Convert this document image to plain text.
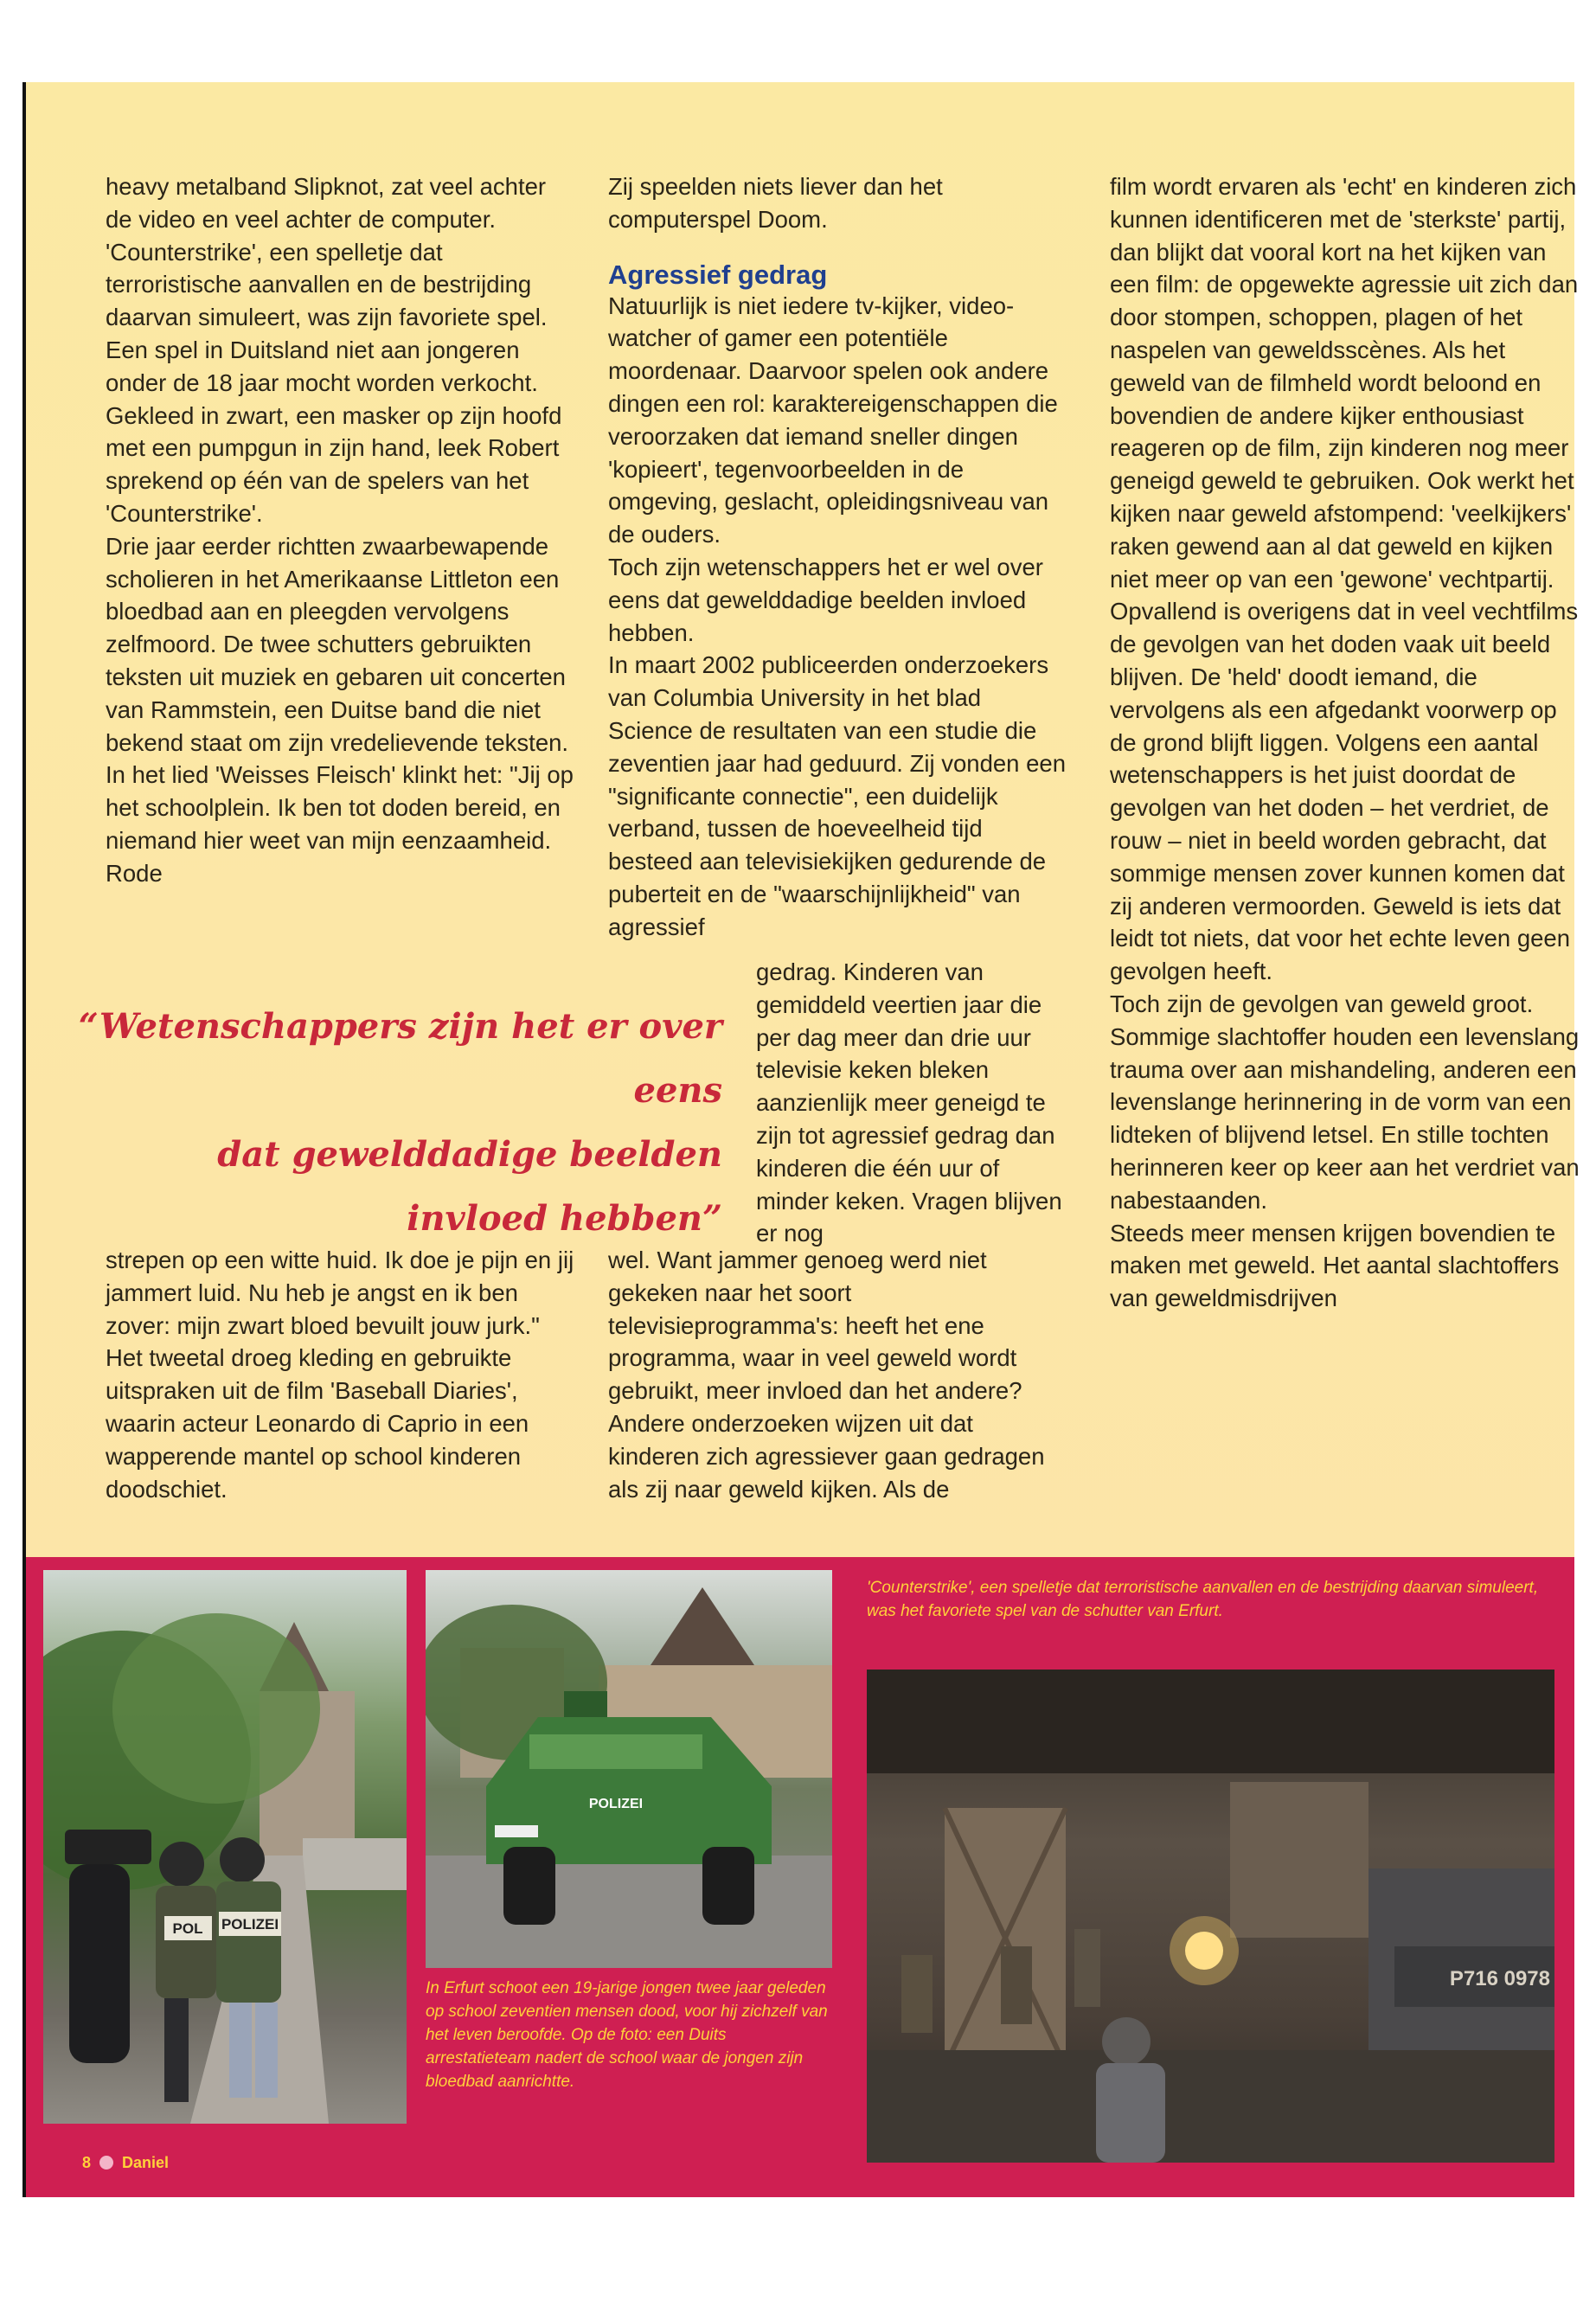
heavy metalband Slipknot, zat veel achter de video en veel achter de computer. 'Counterstrike', een spelletje dat terroristische aanvallen en de bestrijding daarvan simuleert, was zijn favoriete spel. Een spel in Duitsland niet aan jongeren onder de 18 jaar mocht worden verkocht. Gekleed in zwart, een masker op zijn hoofd met een pumpgun in zijn hand, leek Robert sprekend op één van de spelers van het 'Counterstrike'.

Drie jaar eerder richtten zwaarbewapende scholieren in het Amerikaanse Littleton een bloedbad aan en pleegden vervolgens zelfmoord. De twee schutters gebruikten teksten uit muziek en gebaren uit concerten van Rammstein, een Duitse band die niet bekend staat om zijn vredelievende teksten. In het lied 'Weisses Fleisch' klinkt het: "Jij op het schoolplein. Ik ben tot doden bereid, en niemand hier weet van mijn eenzaamheid. Rode

Zij speelden niets liever dan het computerspel Doom.

Natuurlijk is niet iedere tv-kijker, video-watcher of gamer een potentiële moordenaar. Daarvoor spelen ook andere dingen een rol: karaktereigenschappen die veroorzaken dat iemand sneller dingen 'kopieert', tegenvoorbeelden in de omgeving, geslacht, opleidingsniveau van de ouders.

Toch zijn wetenschappers het er wel over eens dat gewelddadige beelden invloed hebben.

In maart 2002 publiceerden onderzoekers van Columbia University in het blad Science de resultaten van een studie die zeventien jaar had geduurd. Zij vonden een "significante connectie", een duidelijk verband, tussen de hoeveelheid tijd besteed aan televisiekijken gedurende de puberteit en de "waarschijnlijkheid" van agressief

Agressief gedrag

gedrag. Kinderen van gemiddeld veertien jaar die per dag meer dan drie uur televisie keken bleken aanzienlijk meer geneigd te zijn tot agressief gedrag dan kinderen die één uur of minder keken. Vragen blijven er nog

“Wetenschappers zijn het er over eens
dat gewelddadige beelden
invloed hebben”

strepen op een witte huid. Ik doe je pijn en jij jammert luid. Nu heb je angst en ik ben zover: mijn zwart bloed bevuilt jouw jurk." Het tweetal droeg kleding en gebruikte uitspraken uit de film 'Baseball Diaries', waarin acteur Leonardo di Caprio in een wapperende mantel op school kinderen doodschiet.

wel. Want jammer genoeg werd niet gekeken naar het soort televisieprogramma's: heeft het ene programma, waar in veel geweld wordt gebruikt, meer invloed dan het andere?

Andere onderzoeken wijzen uit dat kinderen zich agressiever gaan gedragen als zij naar geweld kijken. Als de

film wordt ervaren als 'echt' en kinderen zich kunnen identificeren met de 'sterkste' partij, dan blijkt dat vooral kort na het kijken van een film: de opgewekte agressie uit zich dan door stompen, schoppen, plagen of het naspelen van geweldsscènes. Als het geweld van de filmheld wordt beloond en bovendien de andere kijker enthousiast reageren op de film, zijn kinderen nog meer geneigd geweld te gebruiken. Ook werkt het kijken naar geweld afstompend: 'veelkijkers' raken gewend aan al dat geweld en kijken niet meer op van een 'gewone' vechtpartij.

Opvallend is overigens dat in veel vechtfilms de gevolgen van het doden vaak uit beeld blijven. De 'held' doodt iemand, die vervolgens als een afgedankt voorwerp op de grond blijft liggen. Volgens een aantal wetenschappers is het juist doordat de gevolgen van het doden – het verdriet, de rouw – niet in beeld worden gebracht, dat sommige mensen zover kunnen komen dat zij anderen vermoorden. Geweld is iets dat leidt tot niets, dat voor het echte leven geen gevolgen heeft.

Toch zijn de gevolgen van geweld groot. Sommige slachtoffer houden een levenslang trauma over aan mishandeling, anderen een levenslange herinnering in de vorm van een lidteken of blijvend letsel. En stille tochten herinneren keer op keer aan het verdriet van nabestaanden.

Steeds meer mensen krijgen bovendien te maken met geweld. Het aantal slachtoffers van geweldmisdrijven

POL POLIZEI
POLIZEI
In Erfurt schoot een 19-jarige jongen twee jaar geleden op school zeventien mensen dood, voor hij zichzelf van het leven beroofde. Op de foto: een Duits arrestatieteam nadert de school waar de jongen zijn bloedbad aanrichtte.
'Counterstrike', een spelletje dat terroristische aanvallen en de bestrijding daarvan simuleert, was het favoriete spel van de schutter van Erfurt.
P716 0978
8 Daniel
